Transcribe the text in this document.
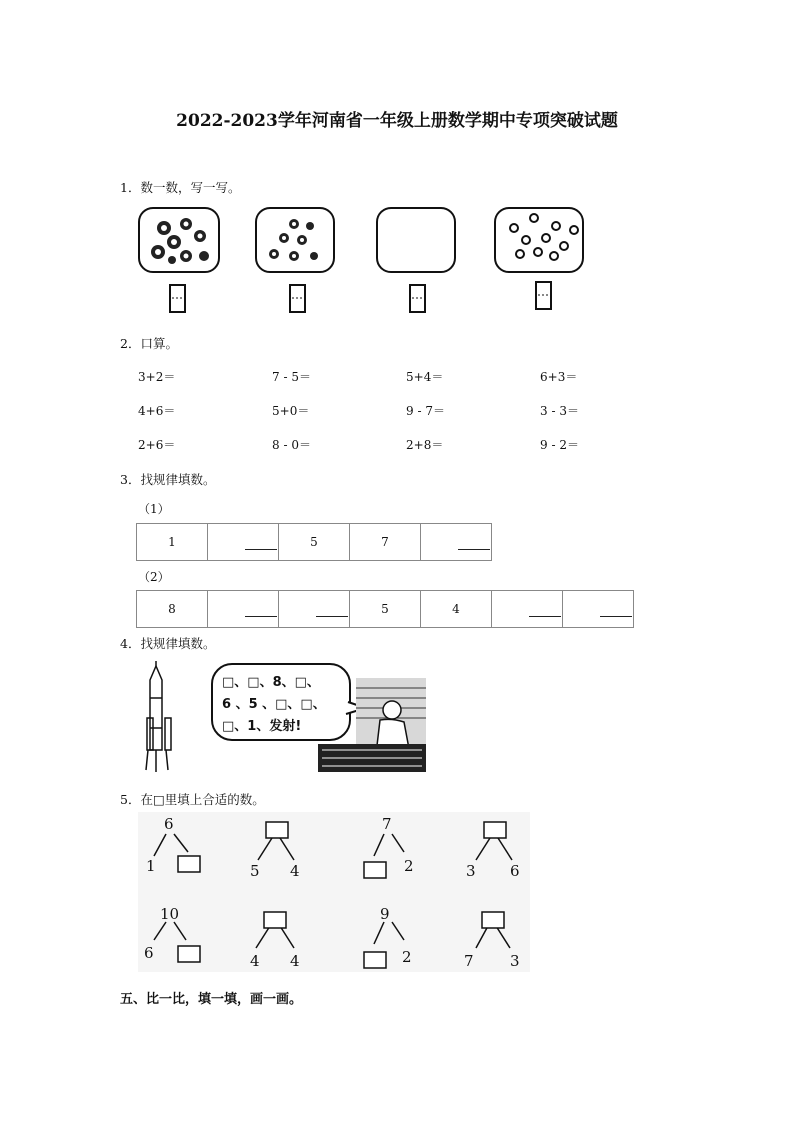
2022-2023学年河南省一年级上册数学期中专项突破试题
1．数一数，写一写。
2．口算。
3+2＝	7 - 5＝	5+4＝	6+3＝
4+6＝	5+0＝	9 - 7＝	3 - 3＝
2+6＝	8 - 0＝	2+8＝	9 - 2＝
3．找规律填数。
（1）
1		5	7	
（2）
8			5	4		
4．找规律填数。
□、□、8、□、
6 、5 、□、□、
□、1、发射!
5．在□里填上合适的数。
6
1	5 4
7
2	3 6
10
6	4 4
9
2	7 3
五、比一比，填一填，画一画。
